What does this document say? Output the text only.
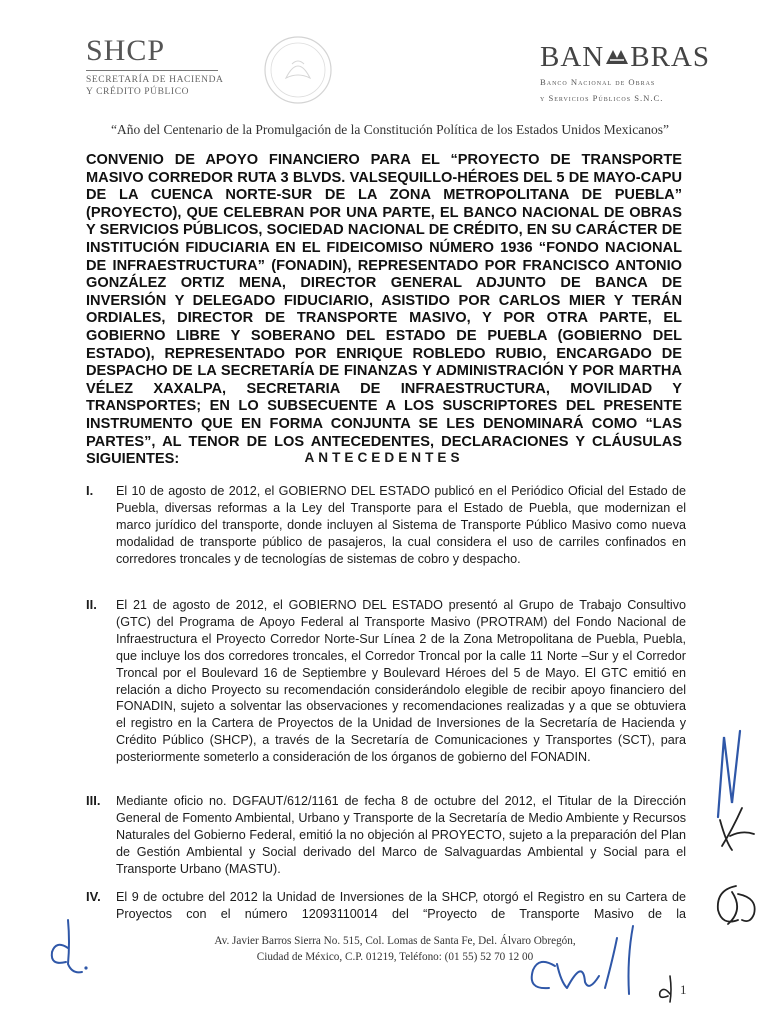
SHCP
SECRETARÍA DE HACIENDA
Y CRÉDITO PÚBLICO
BAN BRAS
Banco Nacional de Obras
y Servicios Públicos S.N.C.
“Año del Centenario de la Promulgación de la Constitución Política de los Estados Unidos Mexicanos”
CONVENIO DE APOYO FINANCIERO PARA EL “PROYECTO DE TRANSPORTE MASIVO CORREDOR RUTA 3 BLVDS. VALSEQUILLO-HÉROES DEL 5 DE MAYO-CAPU DE LA CUENCA NORTE-SUR DE LA ZONA METROPOLITANA DE PUEBLA” (PROYECTO), QUE CELEBRAN POR UNA PARTE, EL BANCO NACIONAL DE OBRAS Y SERVICIOS PÚBLICOS, SOCIEDAD NACIONAL DE CRÉDITO, EN SU CARÁCTER DE INSTITUCIÓN FIDUCIARIA EN EL FIDEICOMISO NÚMERO 1936 “FONDO NACIONAL DE INFRAESTRUCTURA” (FONADIN), REPRESENTADO POR FRANCISCO ANTONIO GONZÁLEZ ORTIZ MENA, DIRECTOR GENERAL ADJUNTO DE BANCA DE INVERSIÓN Y DELEGADO FIDUCIARIO, ASISTIDO POR CARLOS MIER Y TERÁN ORDIALES, DIRECTOR DE TRANSPORTE MASIVO, Y POR OTRA PARTE, EL GOBIERNO LIBRE Y SOBERANO DEL ESTADO DE PUEBLA (GOBIERNO DEL ESTADO), REPRESENTADO POR ENRIQUE ROBLEDO RUBIO, ENCARGADO DE DESPACHO DE LA SECRETARÍA DE FINANZAS Y ADMINISTRACIÓN Y POR MARTHA VÉLEZ XAXALPA, SECRETARIA DE INFRAESTRUCTURA, MOVILIDAD Y TRANSPORTES; EN LO SUBSECUENTE A LOS SUSCRIPTORES DEL PRESENTE INSTRUMENTO QUE EN FORMA CONJUNTA SE LES DENOMINARÁ COMO “LAS PARTES”, AL TENOR DE LOS ANTECEDENTES, DECLARACIONES Y CLÁUSULAS SIGUIENTES:	ANTECEDENTES
I. El 10 de agosto de 2012, el GOBIERNO DEL ESTADO publicó en el Periódico Oficial del Estado de Puebla, diversas reformas a la Ley del Transporte para el Estado de Puebla, que modernizan el marco jurídico del transporte, donde incluyen al Sistema de Transporte Público Masivo como nueva modalidad de transporte público de pasajeros, la cual considera el uso de carriles confinados en corredores troncales y de tecnologías de sistemas de cobro y despacho.
II. El 21 de agosto de 2012, el GOBIERNO DEL ESTADO presentó al Grupo de Trabajo Consultivo (GTC) del Programa de Apoyo Federal al Transporte Masivo (PROTRAM) del Fondo Nacional de Infraestructura el Proyecto Corredor Norte-Sur Línea 2 de la Zona Metropolitana de Puebla, Puebla, que incluye los dos corredores troncales, el Corredor Troncal por la calle 11 Norte –Sur y el Corredor Troncal por el Boulevard 16 de Septiembre y Boulevard Héroes del 5 de Mayo. El GTC emitió en relación a dicho Proyecto su recomendación considerándolo elegible de recibir apoyo financiero del FONADIN, sujeto a solventar las observaciones y recomendaciones realizadas y a que se obtuviera el registro en la Cartera de Proyectos de la Unidad de Inversiones de la Secretaría de Hacienda y Crédito Público (SHCP), a través de la Secretaría de Comunicaciones y Transportes (SCT), para posteriormente someterlo a consideración de los órganos de gobierno del FONADIN.
III. Mediante oficio no. DGFAUT/612/1161 de fecha 8 de octubre del 2012, el Titular de la Dirección General de Fomento Ambiental, Urbano y Transporte de la Secretaría de Medio Ambiente y Recursos Naturales del Gobierno Federal, emitió la no objeción al PROYECTO, sujeto a la preparación del Plan de Gestión Ambiental y Social derivado del Marco de Salvaguardas Ambiental y Social para el Transporte Urbano (MASTU).
IV. El 9 de octubre del 2012 la Unidad de Inversiones de la SHCP, otorgó el Registro en su Cartera de Proyectos con el número 12093110014 del “Proyecto de Transporte Masivo de la
Av. Javier Barros Sierra No. 515, Col. Lomas de Santa Fe, Del. Álvaro Obregón,
Ciudad de México, C.P. 01219, Teléfono: (01 55) 52 70 12 00
1
